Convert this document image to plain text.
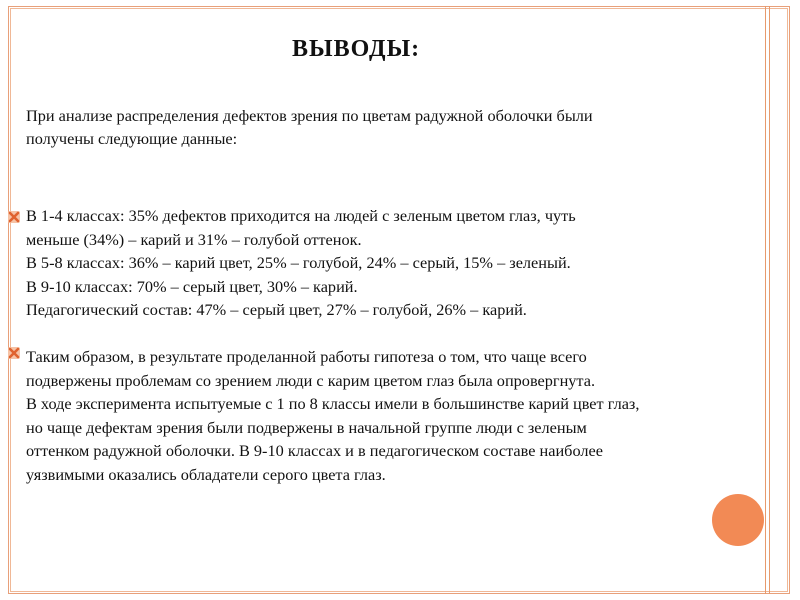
ВЫВОДЫ:

При анализе распределения дефектов зрения по цветам радужной оболочки были
получены следующие данные:

В 1-4 классах: 35% дефектов приходится на людей с зеленым цветом глаз, чуть
меньше (34%) – карий и 31% – голубой оттенок.
В 5-8 классах: 36% – карий цвет, 25% – голубой, 24% – серый, 15% – зеленый.
В 9-10 классах: 70% – серый цвет, 30% – карий.
Педагогический состав: 47% – серый цвет, 27% – голубой, 26% – карий.

Таким образом, в результате проделанной работы гипотеза о том, что чаще всего
подвержены проблемам со зрением люди с карим цветом глаз была опровергнута.
В ходе эксперимента испытуемые с 1 по 8 классы имели в большинстве карий цвет глаз,
но чаще дефектам зрения были подвержены в начальной группе люди с зеленым
оттенком радужной оболочки. В 9-10 классах и в педагогическом составе наиболее
уязвимыми оказались обладатели серого цвета глаз.
